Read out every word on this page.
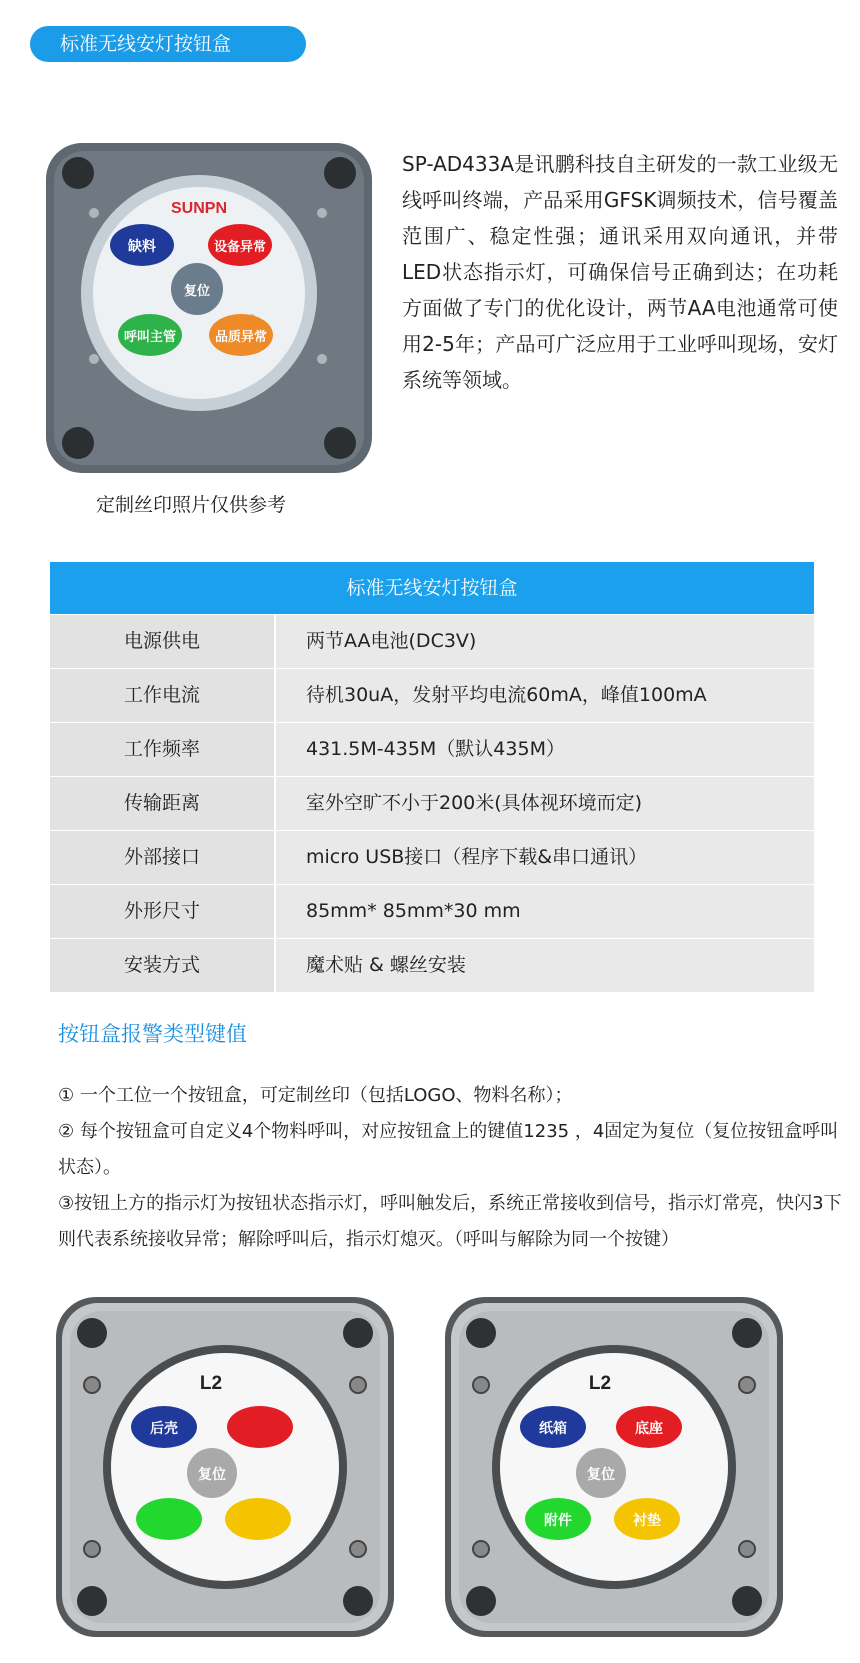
标准无线安灯按钮盒
SUNPN
缺料	设备异常
复位
呼叫主管	品质异常
定制丝印照片仅供参考
SP-AD433A是讯鹏科技自主研发的一款工业级无线呼叫终端，产品采用GFSK调频技术，信号覆盖范围广、稳定性强；通讯采用双向通讯，并带LED状态指示灯，可确保信号正确到达；在功耗方面做了专门的优化设计，两节AA电池通常可使用2-5年；产品可广泛应用于工业呼叫现场，安灯系统等领域。
标准无线安灯按钮盒
电源供电	两节AA电池(DC3V)
工作电流	待机30uA，发射平均电流60mA，峰值100mA
工作频率	431.5M-435M（默认435M）
传输距离	室外空旷不小于200米(具体视环境而定)
外部接口	micro USB接口（程序下载&串口通讯）
外形尺寸	85mm* 85mm*30 mm
安装方式	魔术贴 & 螺丝安装
按钮盒报警类型键值
① 一个工位一个按钮盒，可定制丝印（包括LOGO、物料名称）；
② 每个按钮盒可自定义4个物料呼叫，对应按钮盒上的键值1235 ，4固定为复位（复位按钮盒呼叫状态）。
③按钮上方的指示灯为按钮状态指示灯，呼叫触发后，系统正常接收到信号，指示灯常亮，快闪3下则代表系统接收异常；解除呼叫后，指示灯熄灭。（呼叫与解除为同一个按键）
L2
后壳
复位
L2
纸箱	底座
复位
附件	衬垫
